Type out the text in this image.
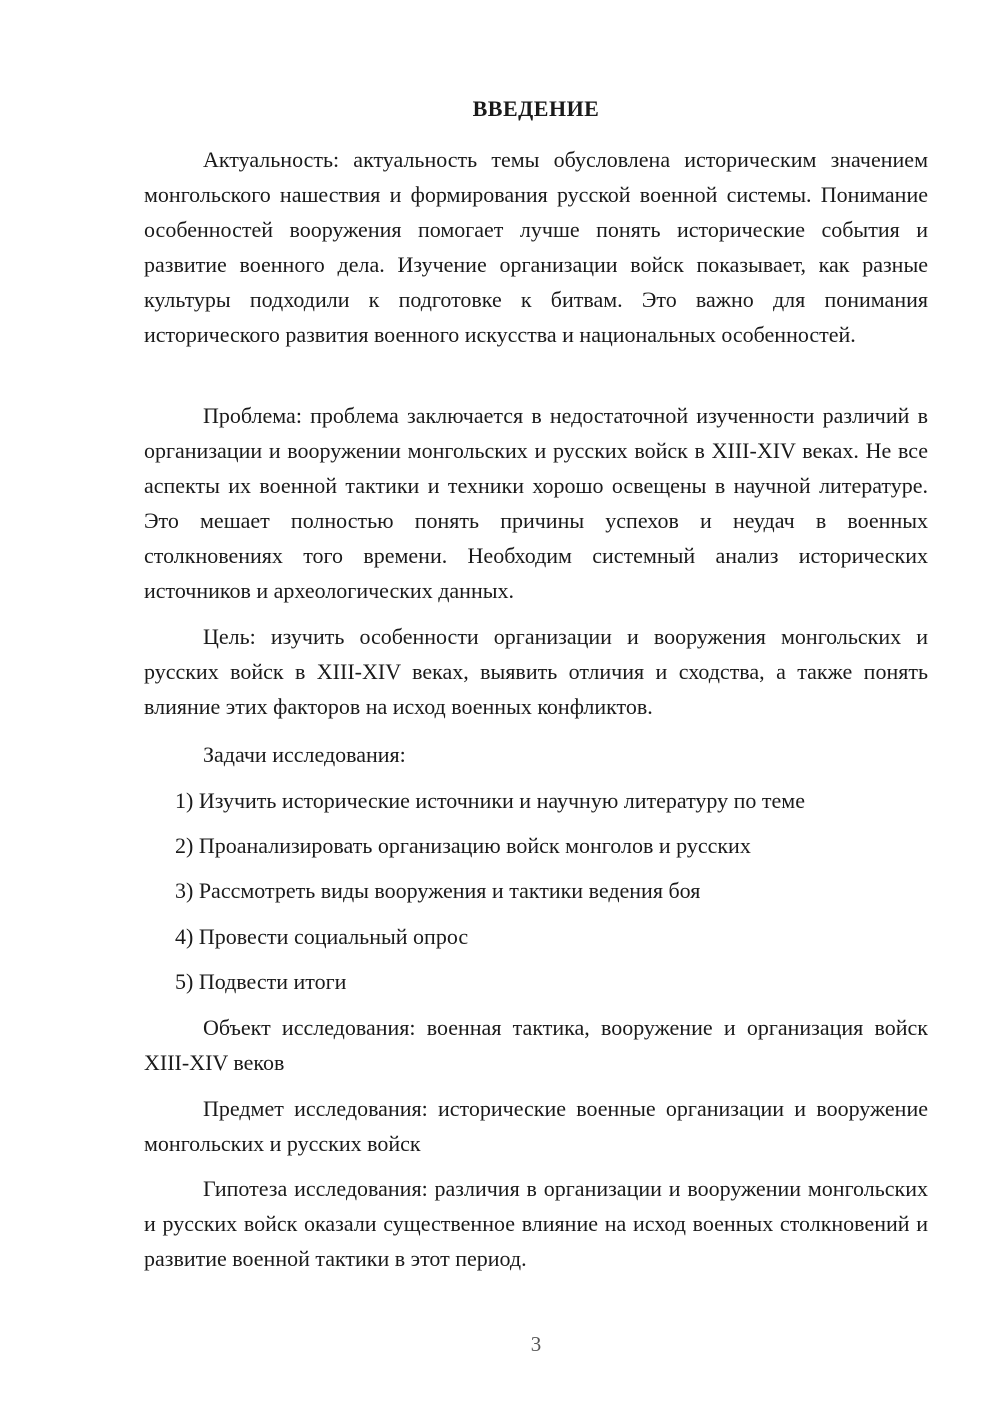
ВВЕДЕНИЕ

Актуальность: актуальность темы обусловлена историческим значением монгольского нашествия и формирования русской военной системы. Понимание особенностей вооружения помогает лучше понять исторические события и развитие военного дела. Изучение организации войск показывает, как разные культуры подходили к подготовке к битвам. Это важно для понимания исторического развития военного искусства и национальных особенностей.

Проблема: проблема заключается в недостаточной изученности различий в организации и вооружении монгольских и русских войск в XIII-XIV веках. Не все аспекты их военной тактики и техники хорошо освещены в научной литературе. Это мешает полностью понять причины успехов и неудач в военных столкновениях того времени. Необходим системный анализ исторических источников и археологических данных.

Цель: изучить особенности организации и вооружения монгольских и русских войск в XIII-XIV веках, выявить отличия и сходства, а также понять влияние этих факторов на исход военных конфликтов.

Задачи исследования:

1) Изучить исторические источники и научную литературу по теме

2) Проанализировать организацию войск монголов и русских

3) Рассмотреть виды вооружения и тактики ведения боя

4) Провести социальный опрос

5) Подвести итоги

Объект исследования: военная тактика, вооружение и организация войск XIII-XIV веков

Предмет исследования: исторические военные организации и вооружение монгольских и русских войск

Гипотеза исследования: различия в организации и вооружении монгольских и русских войск оказали существенное влияние на исход военных столкновений и развитие военной тактики в этот период.

3
